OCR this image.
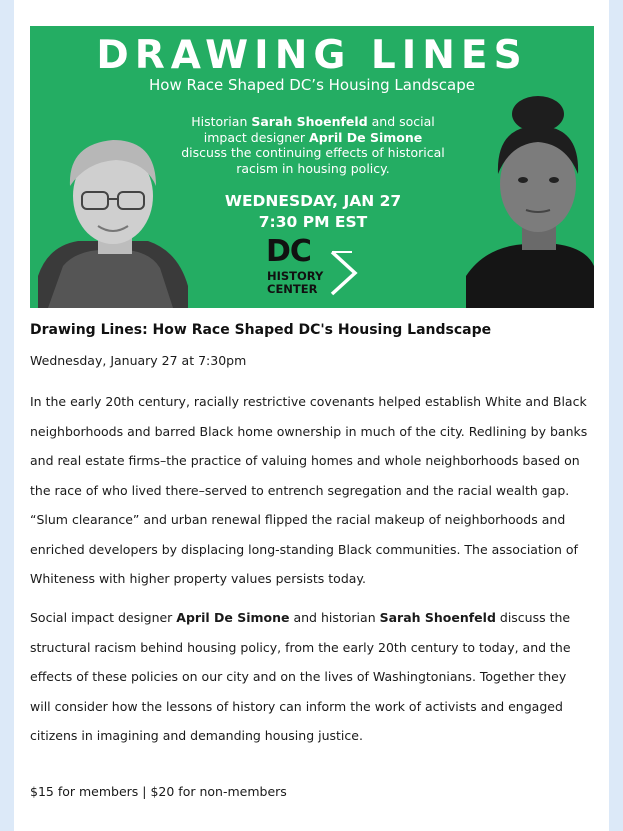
DRAWING LINES
How Race Shaped DC’s Housing Landscape
Historian Sarah Shoenfeld and social impact designer April De Simone discuss the continuing effects of historical racism in housing policy.
WEDNESDAY, JAN 27
7:30 PM EST
DC
HISTORY
CENTER
Drawing Lines: How Race Shaped DC's Housing Landscape
Wednesday, January 27 at 7:30pm

In the early 20th century, racially restrictive covenants helped establish White and Black neighborhoods and barred Black home ownership in much of the city. Redlining by banks and real estate firms–the practice of valuing homes and whole neighborhoods based on the race of who lived there–served to entrench segregation and the racial wealth gap. “Slum clearance” and urban renewal flipped the racial makeup of neighborhoods and enriched developers by displacing long-standing Black communities. The association of Whiteness with higher property values persists today.

Social impact designer April De Simone and historian Sarah Shoenfeld discuss the structural racism behind housing policy, from the early 20th century to today, and the effects of these policies on our city and on the lives of Washingtonians. Together they will consider how the lessons of history can inform the work of activists and engaged citizens in imagining and demanding housing justice.

$15 for members | $20 for non-members
